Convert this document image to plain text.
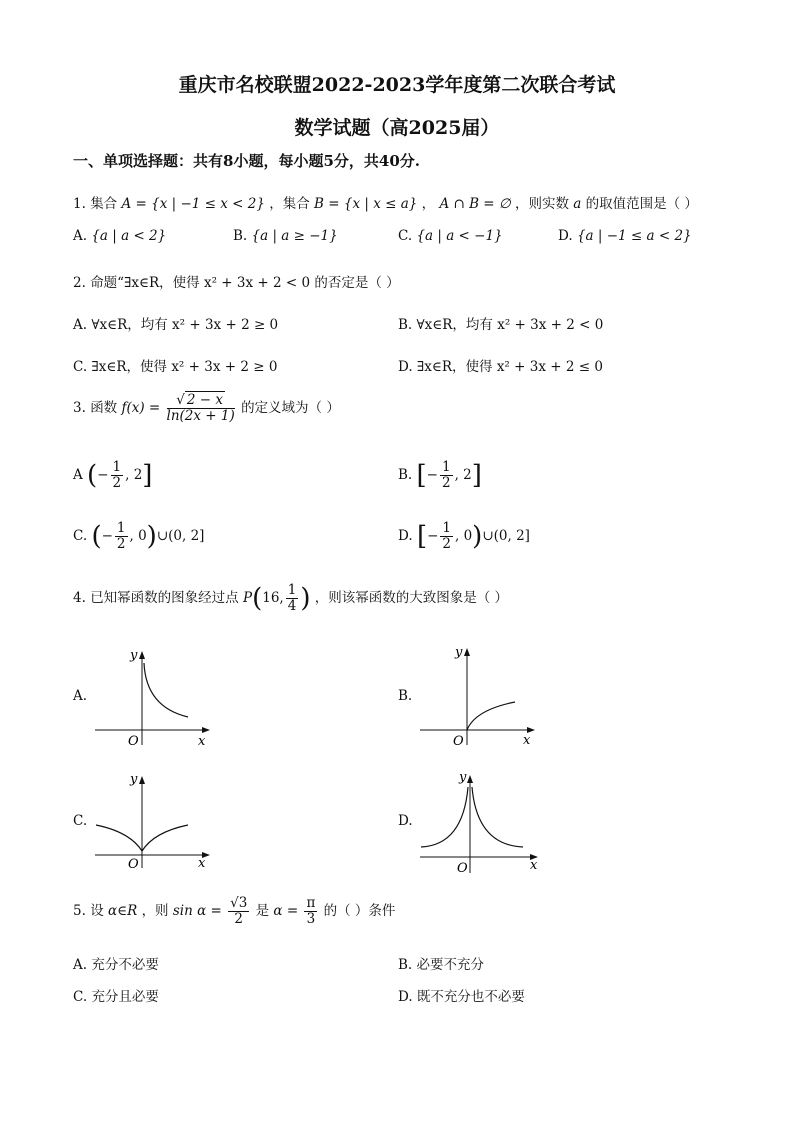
重庆市名校联盟2022-2023学年度第二次联合考试
数学试题（高2025届）
一、单项选择题：共有8小题，每小题5分，共40分.
1. 集合 A = {x | −1 ≤ x < 2} ，集合 B = {x | x ≤ a} ， A ∩ B = ∅ ，则实数 a 的取值范围是（ ）
A. {a | a < 2}	B. {a | a ≥ −1}	C. {a | a < −1}	D. {a | −1 ≤ a < 2}
2. 命题“∃x∈R，使得 x² + 3x + 2 < 0 的否定是（ ）
A. ∀x∈R，均有 x² + 3x + 2 ≥ 0	B. ∀x∈R，均有 x² + 3x + 2 < 0
C. ∃x∈R，使得 x² + 3x + 2 ≥ 0	D. ∃x∈R，使得 x² + 3x + 2 ≤ 0
3. 函数 $f(x) = \frac{√ 2 - x}{\ln(2x + 1)}$ 的定义域为（ ）
A (− $\frac{1}{2}$ , 2]	B. [− $\frac{1}{2}$ , 2]
C. (− $\frac{1}{2}$ , 0)∪(0, 2]	D. [− $\frac{1}{2}$ , 0)∪(0, 2]
4. 已知幂函数的图象经过点 P(16, $\frac{1}{4}$ ) ，则该幂函数的大致图象是（ ）
A.	B.
C.	D.
y
x
O
y
x
O
y
x
O
y
x
O
5. 设 α∈R ，则 $\sin \alpha = \frac{√3}{2}$ 是 $\alpha = \frac{\pi}{3}$ 的（ ）条件
A. 充分不必要	B. 必要不充分
C. 充分且必要	D. 既不充分也不必要
